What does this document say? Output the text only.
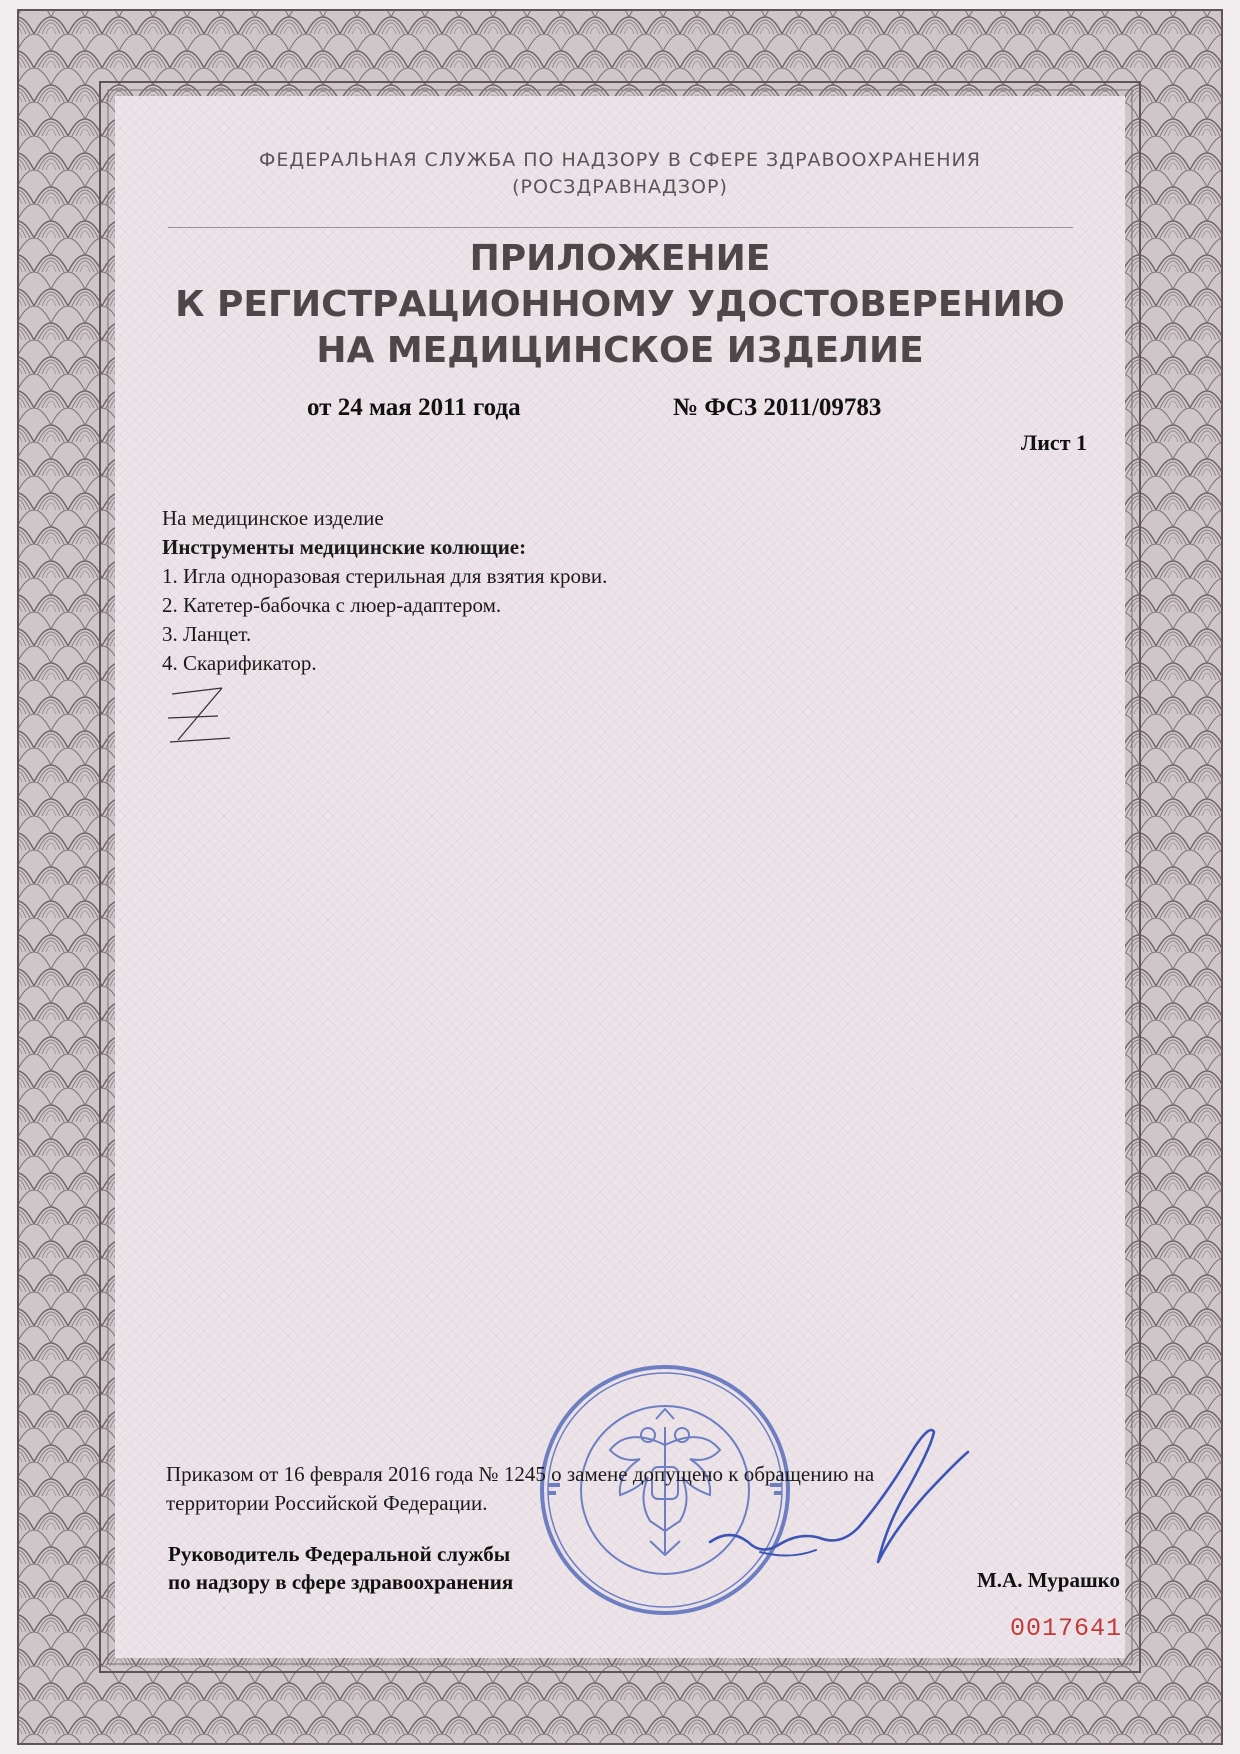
ФЕДЕРАЛЬНАЯ СЛУЖБА ПО НАДЗОРУ В СФЕРЕ ЗДРАВООХРАНЕНИЯ
(РОСЗДРАВНАДЗОР)
ПРИЛОЖЕНИЕ
К РЕГИСТРАЦИОННОМУ УДОСТОВЕРЕНИЮ
НА МЕДИЦИНСКОЕ ИЗДЕЛИЕ
от 24 мая 2011 года	№ ФСЗ 2011/09783
Лист 1
На медицинское изделие
Инструменты медицинские колющие:
1. Игла одноразовая стерильная для взятия крови.
2. Катетер-бабочка с люер-адаптером.
3. Ланцет.
4. Скарификатор.
Приказом от 16 февраля 2016 года № 1245 о замене допущено к обращению на
территории Российской Федерации.
Руководитель Федеральной службы
по надзору в сфере здравоохранения	М.А. Мурашко
0017641
